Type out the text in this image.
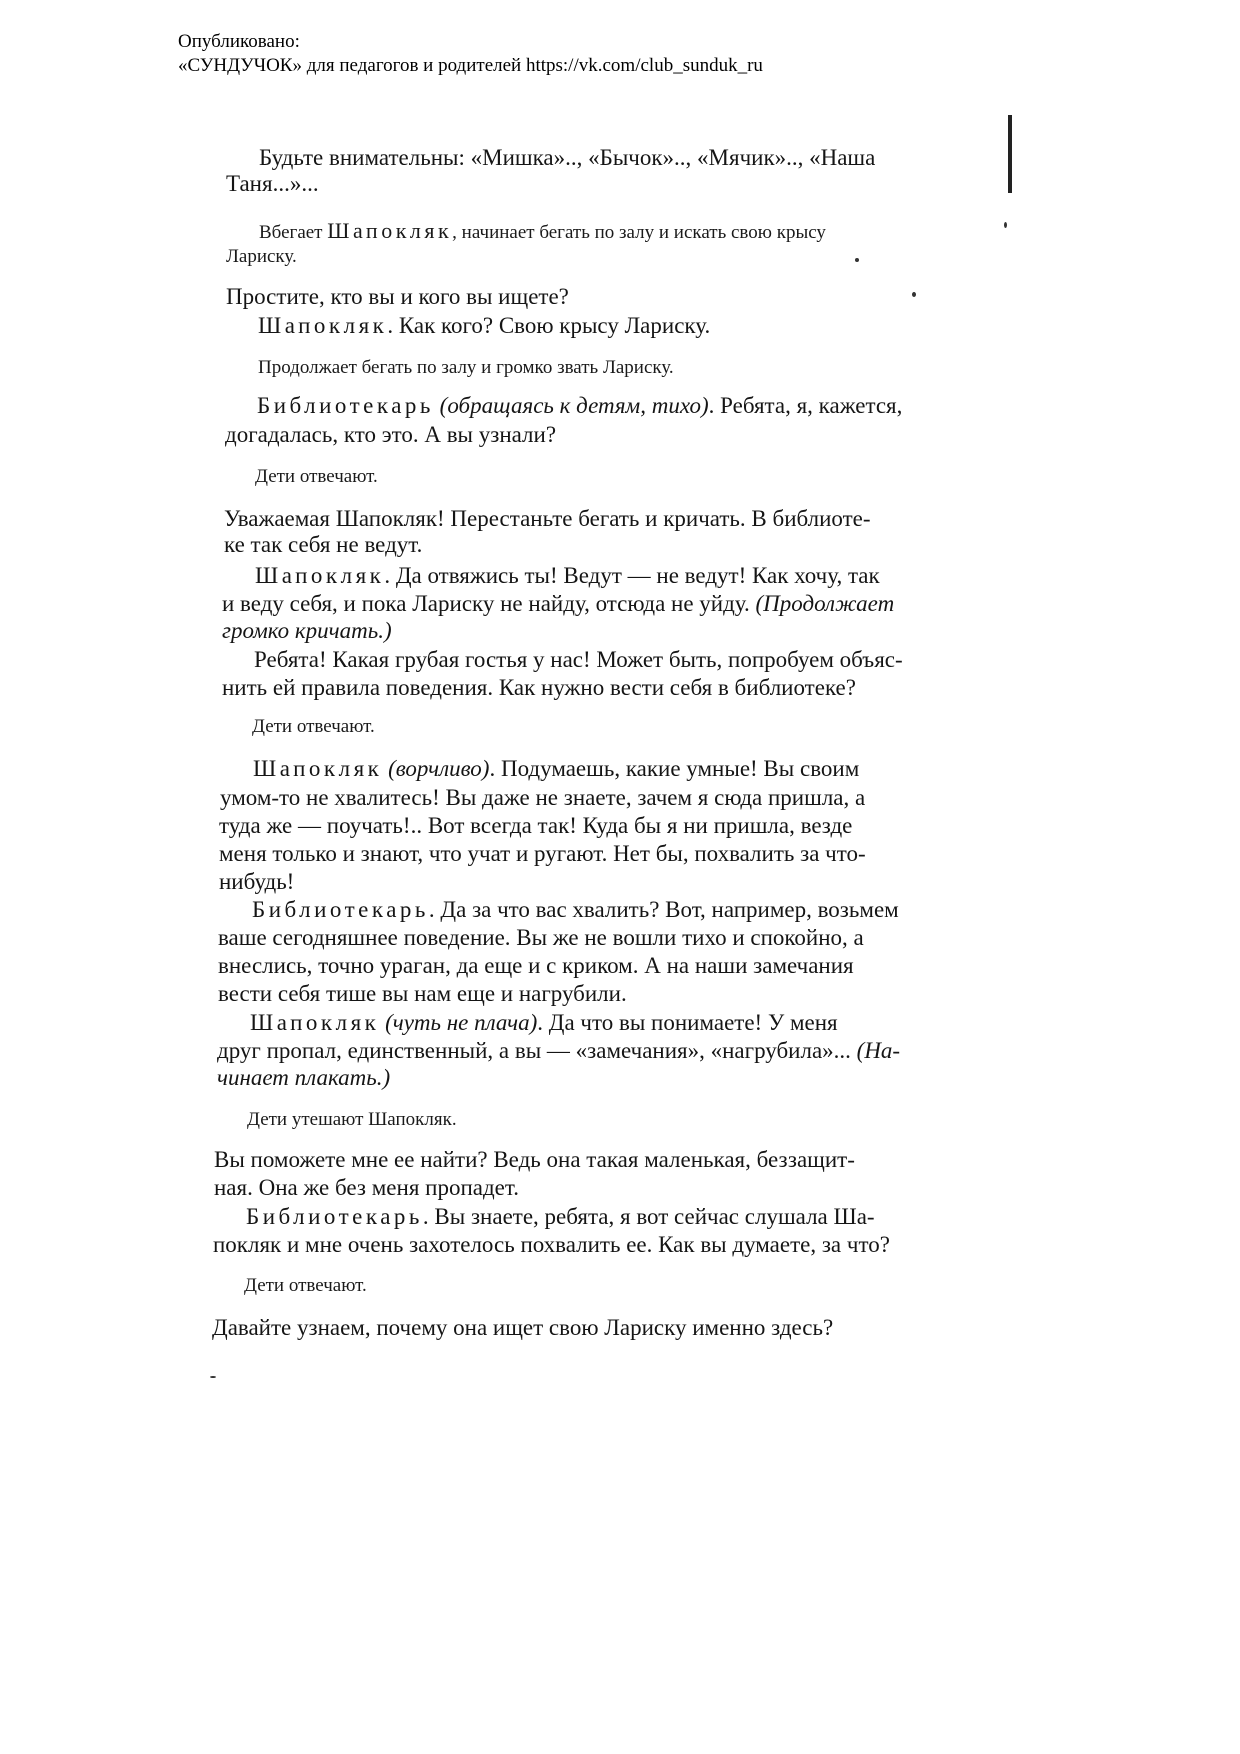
Опубликовано:
«СУНДУЧОК» для педагогов и родителей https://vk.com/club_sunduk_ru
Будьте внимательны: «Мишка».., «Бычок».., «Мячик».., «Наша
Таня...»...
Вбегает Шапокляк, начинает бегать по залу и искать свою крысу
Лариску.
Простите, кто вы и кого вы ищете?
Шапокляк. Как кого? Свою крысу Лариску.
Продолжает бегать по залу и громко звать Лариску.
Библиотекарь (обращаясь к детям, тихо). Ребята, я, кажется,
догадалась, кто это. А вы узнали?
Дети отвечают.
Уважаемая Шапокляк! Перестаньте бегать и кричать. В библиоте-
ке так себя не ведут.
Шапокляк. Да отвяжись ты! Ведут — не ведут! Как хочу, так
и веду себя, и пока Лариску не найду, отсюда не уйду. (Продолжает
громко кричать.)
Ребята! Какая грубая гостья у нас! Может быть, попробуем объяс-
нить ей правила поведения. Как нужно вести себя в библиотеке?
Дети отвечают.
Шапокляк (ворчливо). Подумаешь, какие умные! Вы своим
умом-то не хвалитесь! Вы даже не знаете, зачем я сюда пришла, а
туда же — поучать!.. Вот всегда так! Куда бы я ни пришла, везде
меня только и знают, что учат и ругают. Нет бы, похвалить за что-
нибудь!
Библиотекарь. Да за что вас хвалить? Вот, например, возьмем
ваше сегодняшнее поведение. Вы же не вошли тихо и спокойно, а
внеслись, точно ураган, да еще и с криком. А на наши замечания
вести себя тише вы нам еще и нагрубили.
Шапокляк (чуть не плача). Да что вы понимаете! У меня
друг пропал, единственный, а вы — «замечания», «нагрубила»... (На-
чинает плакать.)
Дети утешают Шапокляк.
Вы поможете мне ее найти? Ведь она такая маленькая, беззащит-
ная. Она же без меня пропадет.
Библиотекарь. Вы знаете, ребята, я вот сейчас слушала Ша-
покляк и мне очень захотелось похвалить ее. Как вы думаете, за что?
Дети отвечают.
Давайте узнаем, почему она ищет свою Лариску именно здесь?
